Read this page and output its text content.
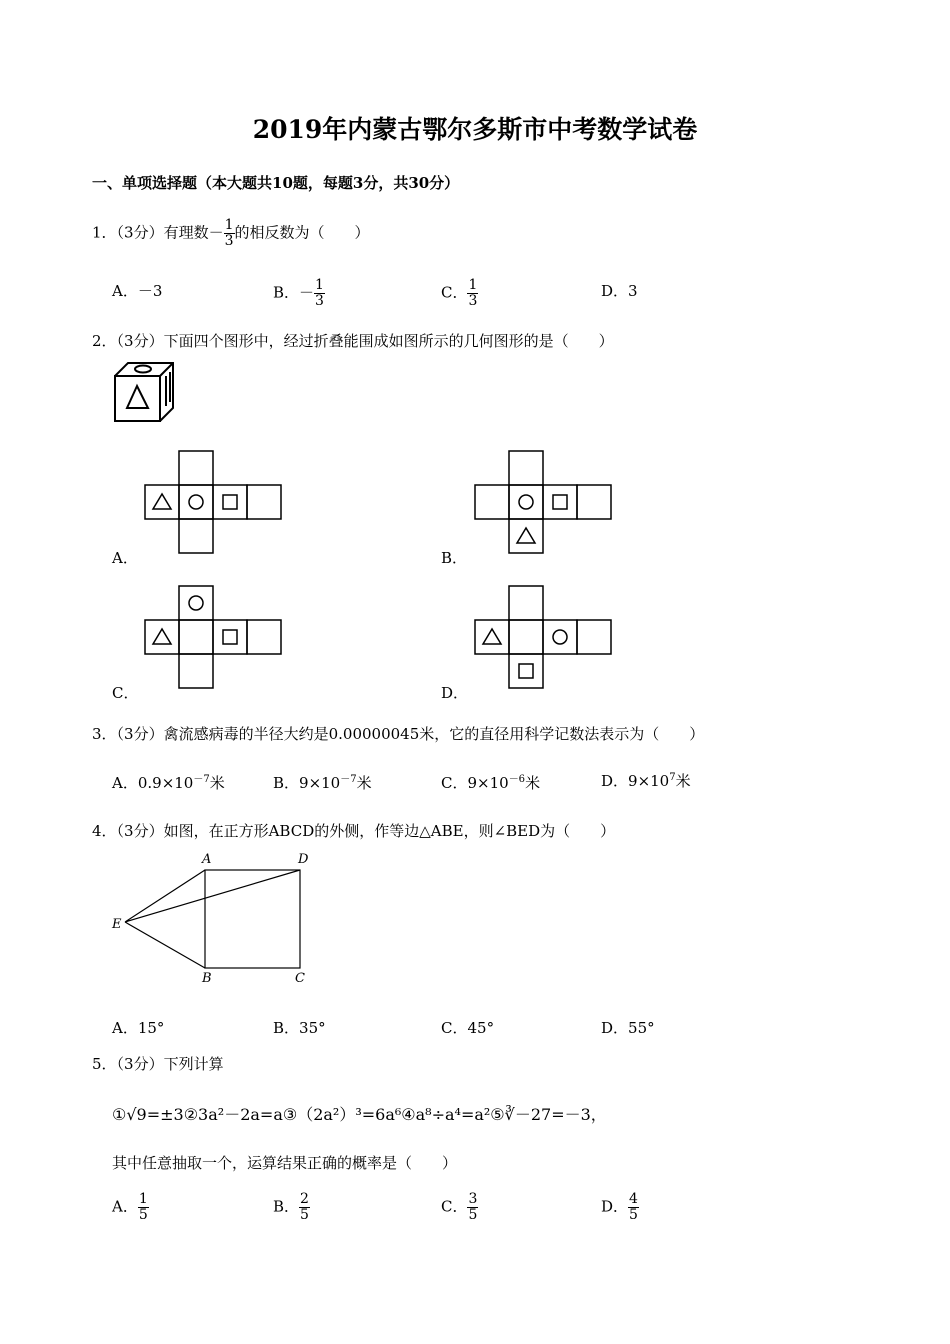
2019年内蒙古鄂尔多斯市中考数学试卷
一、单项选择题（本大题共10题，每题3分，共30分）
1．（3分）有理数－ $\frac{1}{3}$ 的相反数为（　　）
A．－3	B．－ $\frac{1}{3}$	C． $\frac{1}{3}$	D．3
2．（3分）下面四个图形中，经过折叠能围成如图所示的几何图形的是（　　）
A．	B．
C．	D．
3．（3分）禽流感病毒的半径大约是0.00000045米，它的直径用科学记数法表示为（　　）
A．$0.9\times 10^{-7}$米	B．$9\times 10^{-7}$米	C．$9\times 10^{-6}$米	D．$9\times 10^7$米
4．（3分）如图，在正方形ABCD的外侧，作等边△ABE，则∠BED为（　　）
A	D
E
B	C
A．15°	B．35°	C．45°	D．55°
5．（3分）下列计算
①√9=±3②3a²－2a=a③（2a²）³=6a⁶④a⁸÷a⁴=a²⑤∛－27=－3，
其中任意抽取一个，运算结果正确的概率是（　　）
A． $\frac{1}{5}$	B． $\frac{2}{5}$	C． $\frac{3}{5}$	D． $\frac{4}{5}$
